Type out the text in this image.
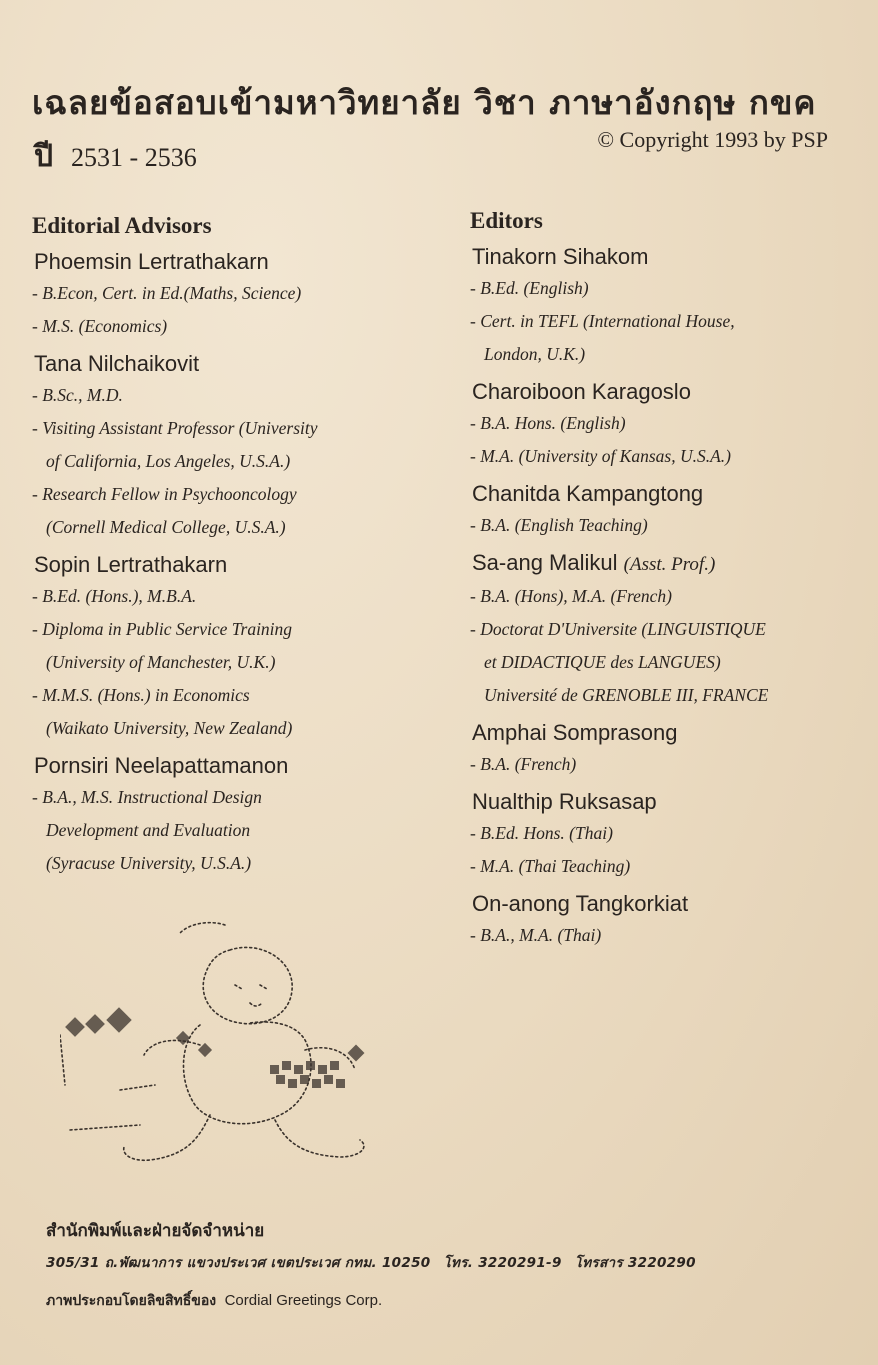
เฉลยข้อสอบเข้ามหาวิทยาลัย วิชา ภาษาอังกฤษ กขค
ปี 2531 - 2536
© Copyright 1993 by PSP
Editorial Advisors
Phoemsin Lertrathakarn
- B.Econ, Cert. in Ed.(Maths, Science)
- M.S. (Economics)
Tana Nilchaikovit
- B.Sc., M.D.
- Visiting Assistant Professor (University
of California, Los Angeles, U.S.A.)
- Research Fellow in Psychooncology
(Cornell Medical College, U.S.A.)
Sopin Lertrathakarn
- B.Ed. (Hons.), M.B.A.
- Diploma in Public Service Training
(University of Manchester, U.K.)
- M.M.S. (Hons.) in Economics
(Waikato University, New Zealand)
Pornsiri Neelapattamanon
- B.A., M.S. Instructional Design
Development and Evaluation
(Syracuse University, U.S.A.)
Editors
Tinakorn Sihakom
- B.Ed. (English)
- Cert. in TEFL (International House,
London, U.K.)
Charoiboon Karagoslo
- B.A. Hons. (English)
- M.A. (University of Kansas, U.S.A.)
Chanitda Kampangtong
- B.A. (English Teaching)
Sa-ang Malikul (Asst. Prof.)
- B.A. (Hons), M.A. (French)
- Doctorat D'Universite (LINGUISTIQUE
et DIDACTIQUE des LANGUES)
Université de GRENOBLE III, FRANCE
Amphai Somprasong
- B.A. (French)
Nualthip Ruksasap
- B.Ed. Hons. (Thai)
- M.A. (Thai Teaching)
On-anong Tangkorkiat
- B.A., M.A. (Thai)
สำนักพิมพ์และฝ่ายจัดจำหน่าย
305/31 ถ.พัฒนาการ แขวงประเวศ เขตประเวศ กทม. 10250 โทร. 3220291-9 โทรสาร 3220290
ภาพประกอบโดยลิขสิทธิ์ของ Cordial Greetings Corp.
